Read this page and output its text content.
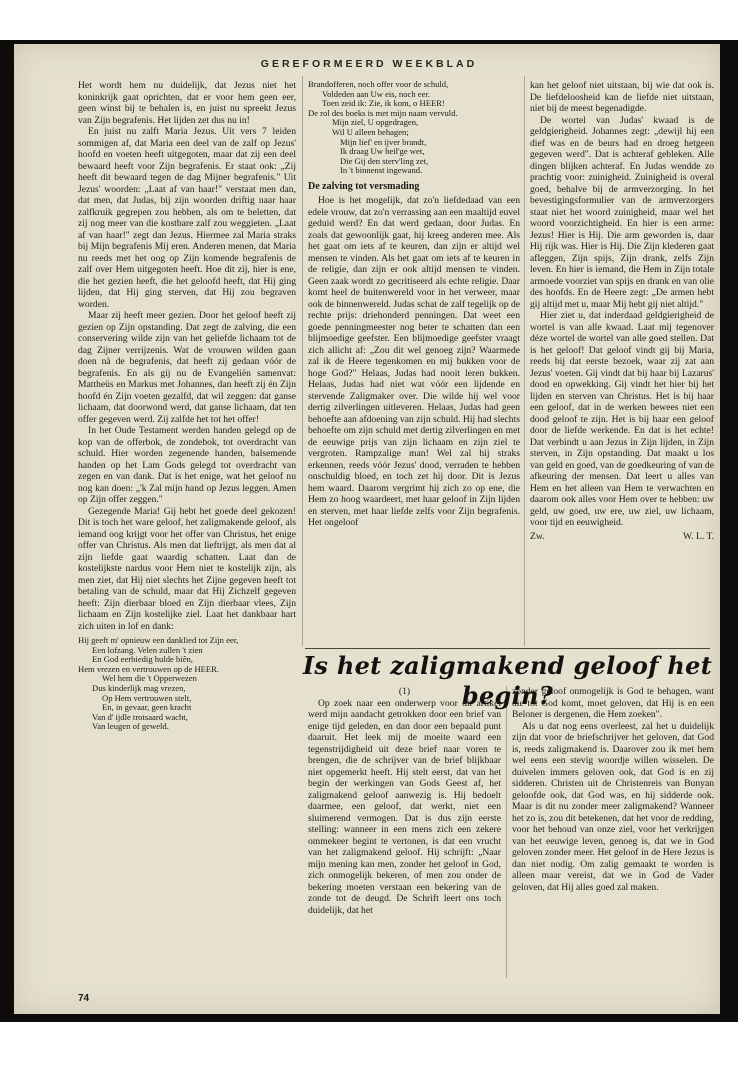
GEREFORMEERD WEEKBLAD

Het wordt hem nu duidelijk, dat Jezus niet het koninkrijk gaat oprichten, dat er voor hem geen eer, geen winst bij te behalen is, en juist nu spreekt Jezus van Zijn begrafenis. Het lijden zet dus nu in!

En juist nu zalft Maria Jezus. Uit vers 7 leiden sommigen af, dat Maria een deel van de zalf op Jezus' hoofd en voeten heeft uitgegoten, maar dat zij een deel bewaard heeft voor Zijn begrafenis. Er staat ook: „Zij heeft dit bewaard tegen de dag Mijner begrafenis." Uit Jezus' woorden: „Laat af van haar!" verstaat men dan, dat men, dat Judas, bij zijn woorden driftig naar haar zalfkruik gegrepen zou hebben, als om te beletten, dat zij nog meer van die kostbare zalf zou weggieten. „Laat af van haar!" zegt dan Jezus. Hiermee zal Maria straks bij Mijn begrafenis Mij eren. Anderen menen, dat Maria nu reeds met het oog op Zijn komende begrafenis de zalf over Hem uitgegoten heeft. Hoe dit zij, hier is ene, die het gezien heeft, die het geloofd heeft, dat Hij ging lijden, dat Hij ging sterven, dat Hij zou begraven worden.

Maar zij heeft meer gezien. Door het geloof heeft zij gezien op Zijn opstanding. Dat zegt de zalving, die een conservering wilde zijn van het geliefde lichaam tot de dag Zijner verrijzenis. Wat de vrouwen wilden gaan doen nà de begrafenis, dat heeft zij gedaan vóór de begrafenis. En als gij nu de Evangeliën samenvat: Mattheüs en Markus met Johannes, dan heeft zij én Zijn hoofd én Zijn voeten gezalfd, dat wil zeggen: dat ganse lichaam, dat doorwond werd, dat ganse lichaam, dat ten offer gegeven werd. Zij zalfde het tot het offer!

In het Oude Testament werden handen gelegd op de kop van de offerbok, de zondebok, tot overdracht van schuld. Hier worden zegenende handen, balsemende handen op het Lam Gods gelegd tot overdracht van zegen en van dank. Dat is het enige, wat het geloof nu nog kan doen: „'k Zal mijn hand op Jezus leggen. Amen op Zijn offer zeggen."

Gezegende Maria! Gij hebt het goede deel gekozen! Dit is toch het ware geloof, het zaligmakende geloof, als iemand oog krijgt voor het offer van Christus, het enige offer van Christus. Als men dat lieftrijgt, als men dat al zijn liefde gaat waardig schatten. Laat dan de kostelijkste nardus voor Hem niet te kostelijk zijn, als men ziet, dat Hij niet slechts het Zijne gegeven heeft tot betaling van de schuld, maar dat Hij Zichzelf gegeven heeft: Zijn dierbaar bloed en Zijn dierbaar vlees, Zijn lichaam en Zijn kostelijke ziel. Laat het dankbaar hart zich uiten in lof en dank:

Hij geeft m' opnieuw een danklied tot Zijn eer,
Een lofzang. Velen zullen 't zien
En God eerbiedig hulde biên,
Hem vrezen en vertrouwen op de HEER.
Wel hem die 't Opperwezen
Dus kinderlijk mag vrezen,
Op Hem vertrouwen stelt,
En, in gevaar, geen kracht
Van d' ijdle trotsaard wacht,
Van leugen of geweld.
Brandofferen, noch offer voor de schuld,
Voldeden aan Uw eis, noch eer.
Toen zeid ik: Zie, ik kom, o HEER!
De rol des boeks is met mijn naam vervuld.
Mijn ziel, U opgedragen,
Wil U alleen behagen;
Mijn lief' en ijver brandt,
Ik draag Uw heil'ge wet,
Die Gij den sterv'ling zet,
In 't binnenst ingewand.
De zalving tot versmading

Hoe is het mogelijk, dat zo'n liefdedaad van een edele vrouw, dat zo'n verrassing aan een maaltijd euvel geduid werd? En dat werd gedaan, door Judas. En zoals dat gewoonlijk gaat, hij kreeg anderen mee. Als het gaat om iets af te keuren, dan zijn er altijd wel mensen te vinden. Als het gaat om iets af te keuren in de religie, dan zijn er ook altijd mensen te vinden. Geen zaak wordt zo gecritiseerd als echte religie. Daar komt heel de buitenwereld voor in het verweer, maar ook de binnenwereld. Judas schat de zalf tegelijk op de rechte prijs: driehonderd penningen. Dat weet een goede penningmeester nog beter te schatten dan een blijmoedige geefster. Een blijmoedige geefster vraagt zich allicht af: „Zou dit wel genoeg zijn? Waarmede zal ik de Heere tegenkomen en mij bukken voor de hoge God?" Helaas, Judas had nooit leren bukken. Helaas, Judas had niet wat vóór een lijdende en stervende Zaligmaker over. Die wilde hij wel voor dertig zilverlingen uitleveren. Helaas, Judas had geen behoefte aan afdoening van zijn schuld. Hij had slechts behoefte om zijn schuld met dertig zilverlingen en met de eeuwige prijs van zijn lichaam en zijn ziel te vergroten. Rampzalige man! Wel zal hij straks erkennen, reeds vóór Jezus' dood, verraden te hebben onschuldig bloed, en toch zet hij door. Dit is Jezus hem waard. Daarom vergrimt hij zich zo op ene, die Hem zo hoog waardeert, met haar geloof in Zijn lijden en sterven, met haar liefde zelfs voor Zijn begrafenis. Het ongeloof

kan het geloof niet uitstaan, bij wie dat ook is. De liefdeloosheid kan de liefde niet uitstaan, niet bij de meest begenadigde.

De wortel van Judas' kwaad is de geldgierigheid. Johannes zegt: „dewijl hij een dief was en de beurs had en droeg hetgeen gegeven werd". Dat is achteraf gebleken. Alle dingen blijken achteraf. En Judas wendde zo prachtig voor: zuinigheid. Zuinigheid is overal goed, behalve bij de armverzorging. In het bevestigingsformulier van de armverzorgers staat niet het woord zuinigheid, maar wel het woord voorzichtigheid. En hier is een arme: Jezus! Hier is Hij. Die arm geworden is, daar Hij rijk was. Hier is Hij. Die Zijn klederen gaat afleggen, Zijn spijs, Zijn drank, zelfs Zijn leven. En hier is iemand, die Hem in Zijn totale armoede voorziet van spijs en drank en van olie des hoofds. En de Heere zegt: „De armen hebt gij altijd met u, maar Mij hebt gij niet altijd."

Hier ziet u, dat inderdaad geldgierigheid de wortel is van alle kwaad. Laat mij tegenover déze wortel de wortel van alle goed stellen. Dat is het geloof! Dat geloof vindt gij bij Maria, reeds bij dat eerste bezoek, waar zij zat aan Jezus' voeten. Gij vindt dat bij haar bij Lazarus' dood en opwekking. Gij vindt het hier bij het lijden en sterven van Christus. Het is bij haar een geloof, dat in de werken bewees niet een dood geloof te zijn. Het is bij haar een geloof door de liefde werkende. En dat is het echte! Dat verbindt u aan Jezus in Zijn lijden, in Zijn sterven, in Zijn opstanding. Dat maakt u los van geld en goed, van de goedkeuring of van de afkeuring der mensen. Dat leert u alles van Hem en het alleen van Hem te verwachten en daarom ook alles voor Hem over te hebben: uw geld, uw goed, uw ere, uw ziel, uw lichaam, voor tijd en eeuwigheid.

Zw.	W. L. T.
Is het zaligmakend geloof het begin?

(1)

Op zoek naar een onderwerp voor dit artikel werd mijn aandacht getrokken door een brief van enige tijd geleden, en dan door een bepaald punt daaruit. Het leek mij de moeite waard een tegenstrijdigheid uit deze brief naar voren te brengen, die de schrijver van de brief blijkbaar niet opgemerkt heeft. Hij stelt eerst, dat van het begin der werkingen van Gods Geest af, het zaligmakend geloof aanwezig is. Hij bedoelt daarmee, een geloof, dat werkt, niet een sluimerend vermogen. Dat is dus zijn eerste stelling: wanneer in een mens zich een zekere ommekeer begint te vertonen, is dat een vrucht van het zaligmakend geloof. Hij schrijft: „Naar mijn mening kan men, zonder het geloof in God, zich onmogelijk bekeren, of men zou onder de bekering moeten verstaan een bekering van de zonde tot de deugd. De Schrift leert ons toch duidelijk, dat het

zonder geloof onmogelijk is God te behagen, want die tot God komt, moet geloven, dat Hij is en een Beloner is dergenen, die Hem zoeken".

Als u dat nog eens overleest, zal het u duidelijk zijn dat voor de briefschrijver het geloven, dat God is, reeds zaligmakend is. Daarover zou ik met hem wel eens een stevig woordje willen wisselen. De duivelen immers geloven ook, dat God is en zij sidderen. Christen uit de Christenreis van Bunyan geloofde ook, dat God was, en hij sidderde ook. Maar is dit nu zonder meer zaligmakend? Wanneer het zo is, zou dit betekenen, dat het voor de redding, voor het behoud van onze ziel, voor het verkrijgen van het eeuwige leven, genoeg is, dat we in God geloven zonder meer. Het geloof in de Here Jezus is dan niet nodig. Om zalig gemaakt te worden is alleen maar vereist, dat we in God de Vader geloven, dat Hij alles goed zal maken.

74
